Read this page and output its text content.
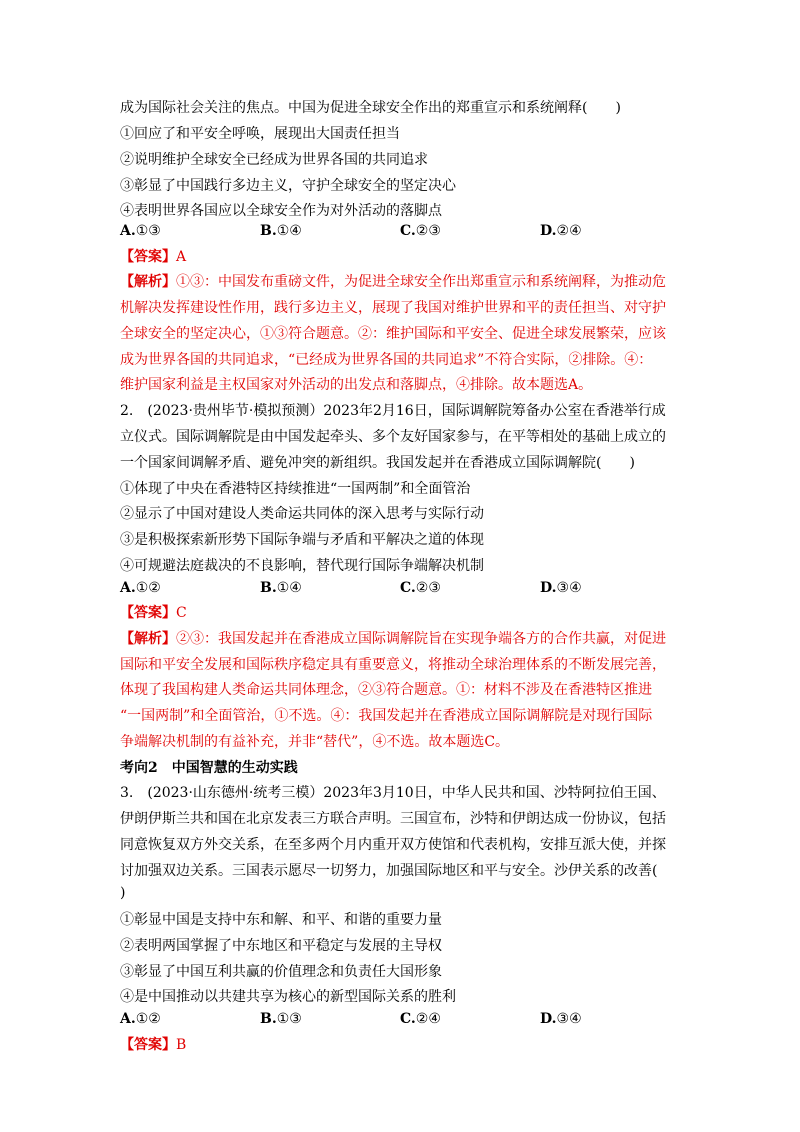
成为国际社会关注的焦点。中国为促进全球安全作出的郑重宣示和系统阐释(　　)
①回应了和平安全呼唤，展现出大国责任担当
②说明维护全球安全已经成为世界各国的共同追求
③彰显了中国践行多边主义，守护全球安全的坚定决心
④表明世界各国应以全球安全作为对外活动的落脚点
A.①③	B.①④	C.②③	D.②④
【答案】A
【解析】①③：中国发布重磅文件，为促进全球安全作出郑重宣示和系统阐释，为推动危
机解决发挥建设性作用，践行多边主义，展现了我国对维护世界和平的责任担当、对守护
全球安全的坚定决心，①③符合题意。②：维护国际和平安全、促进全球发展繁荣，应该
成为世界各国的共同追求，“已经成为世界各国的共同追求”不符合实际，②排除。④：
维护国家利益是主权国家对外活动的出发点和落脚点，④排除。故本题选A。
2.　(2023·贵州毕节·模拟预测）2023年2月16日，国际调解院筹备办公室在香港举行成
立仪式。国际调解院是由中国发起牵头、多个友好国家参与，在平等相处的基础上成立的
一个国家间调解矛盾、避免冲突的新组织。我国发起并在香港成立国际调解院(　　)
①体现了中央在香港特区持续推进“一国两制”和全面管治
②显示了中国对建设人类命运共同体的深入思考与实际行动
③是积极探索新形势下国际争端与矛盾和平解决之道的体现
④可规避法庭裁决的不良影响，替代现行国际争端解决机制
A.①②	B.①④	C.②③	D.③④
【答案】C
【解析】②③：我国发起并在香港成立国际调解院旨在实现争端各方的合作共赢，对促进
国际和平安全发展和国际秩序稳定具有重要意义，将推动全球治理体系的不断发展完善，
体现了我国构建人类命运共同体理念，②③符合题意。①：材料不涉及在香港特区推进
“一国两制”和全面管治，①不选。④：我国发起并在香港成立国际调解院是对现行国际
争端解决机制的有益补充，并非“替代”，④不选。故本题选C。
考向2　中国智慧的生动实践
3.　(2023·山东德州·统考三模）2023年3月10日，中华人民共和国、沙特阿拉伯王国、
伊朗伊斯兰共和国在北京发表三方联合声明。三国宣布，沙特和伊朗达成一份协议，包括
同意恢复双方外交关系，在至多两个月内重开双方使馆和代表机构，安排互派大使，并探
讨加强双边关系。三国表示愿尽一切努力，加强国际地区和平与安全。沙伊关系的改善(
)
①彰显中国是支持中东和解、和平、和谐的重要力量
②表明两国掌握了中东地区和平稳定与发展的主导权
③彰显了中国互利共赢的价值理念和负责任大国形象
④是中国推动以共建共享为核心的新型国际关系的胜利
A.①②	B.①③	C.②④	D.③④
【答案】B
